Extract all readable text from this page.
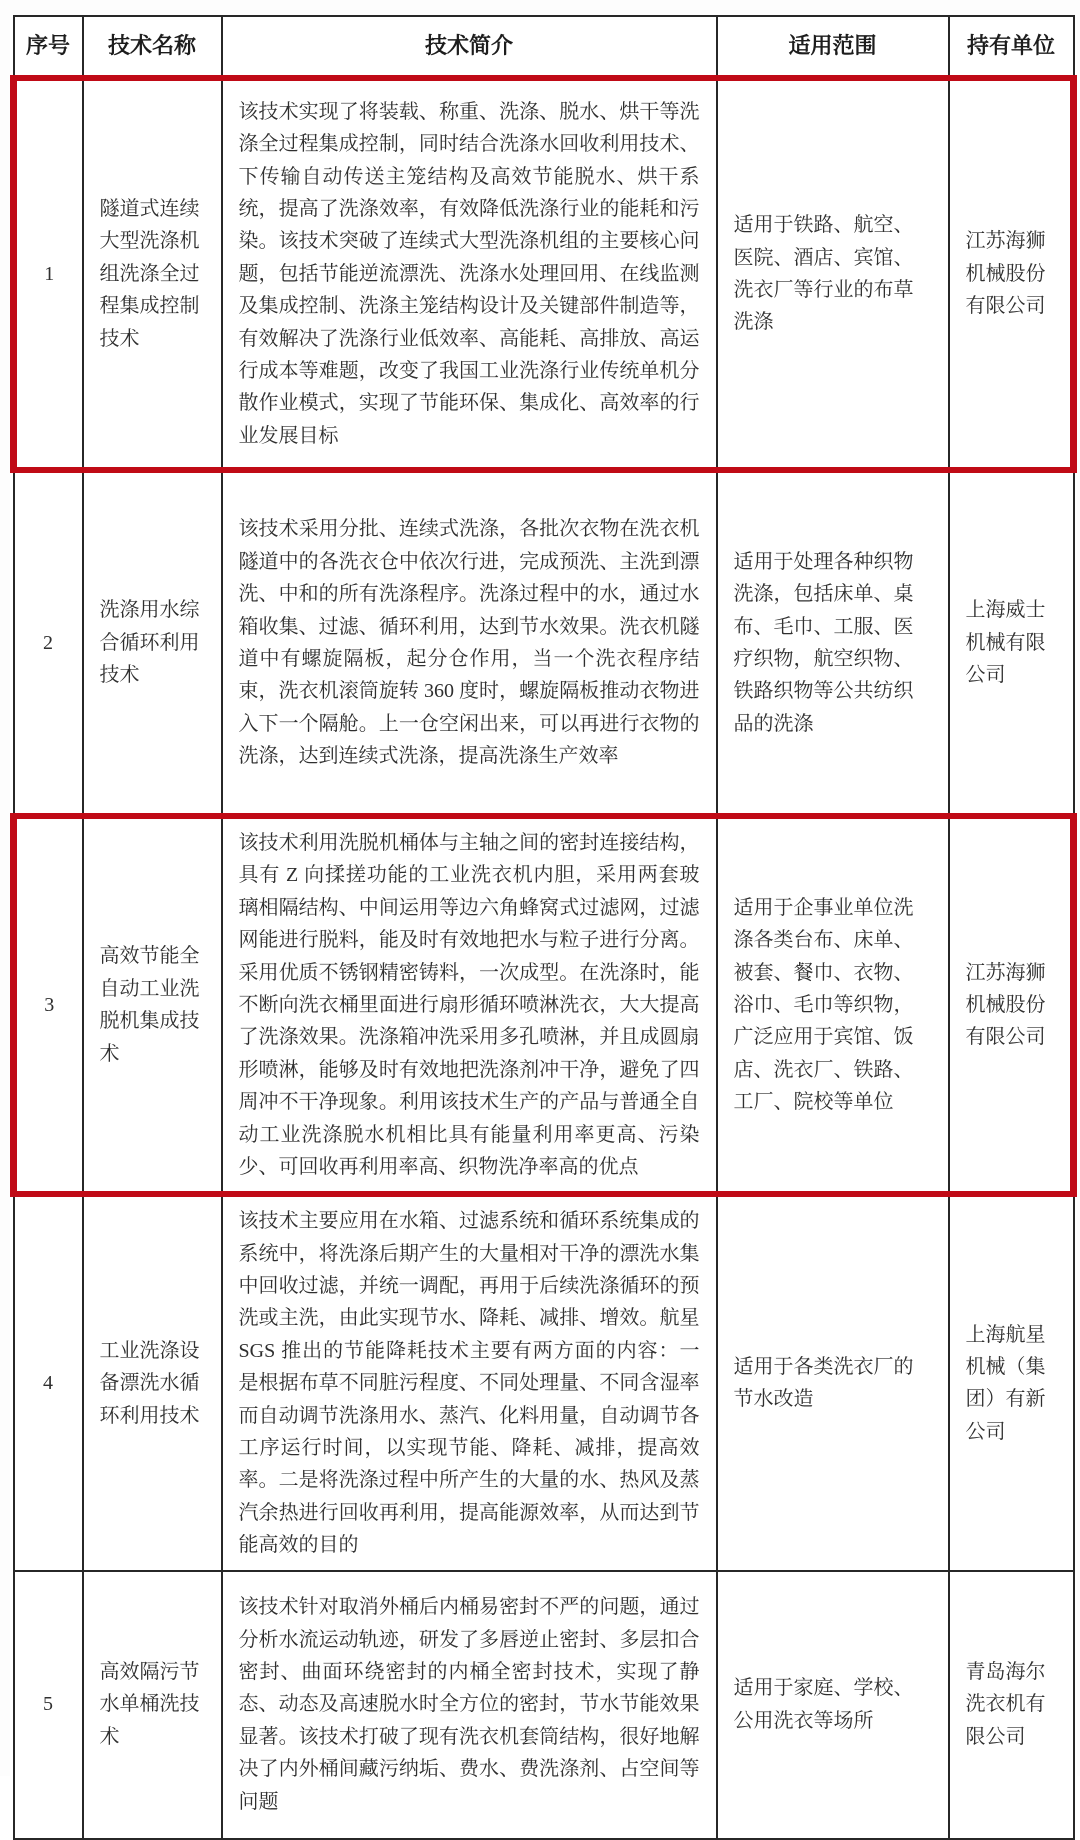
序号	技术名称	技术简介	适用范围	持有单位
1	隧道式连续大型洗涤机组洗涤全过程集成控制技术	该技术实现了将装载、称重、洗涤、脱水、烘干等洗涤全过程集成控制，同时结合洗涤水回收利用技术、下传输自动传送主笼结构及高效节能脱水、烘干系统，提高了洗涤效率，有效降低洗涤行业的能耗和污染。该技术突破了连续式大型洗涤机组的主要核心问题，包括节能逆流漂洗、洗涤水处理回用、在线监测及集成控制、洗涤主笼结构设计及关键部件制造等，有效解决了洗涤行业低效率、高能耗、高排放、高运行成本等难题，改变了我国工业洗涤行业传统单机分散作业模式，实现了节能环保、集成化、高效率的行业发展目标	适用于铁路、航空、医院、酒店、宾馆、洗衣厂等行业的布草洗涤	江苏海狮机械股份有限公司
2	洗涤用水综合循环利用技术	该技术采用分批、连续式洗涤，各批次衣物在洗衣机隧道中的各洗衣仓中依次行进，完成预洗、主洗到漂洗、中和的所有洗涤程序。洗涤过程中的水，通过水箱收集、过滤、循环利用，达到节水效果。洗衣机隧道中有螺旋隔板，起分仓作用，当一个洗衣程序结束，洗衣机滚筒旋转 360 度时，螺旋隔板推动衣物进入下一个隔舱。上一仓空闲出来，可以再进行衣物的洗涤，达到连续式洗涤，提高洗涤生产效率	适用于处理各种织物洗涤，包括床单、桌布、毛巾、工服、医疗织物，航空织物、铁路织物等公共纺织品的洗涤	上海威士机械有限公司
3	高效节能全自动工业洗脱机集成技术	该技术利用洗脱机桶体与主轴之间的密封连接结构，具有 Z 向揉搓功能的工业洗衣机内胆，采用两套玻璃相隔结构、中间运用等边六角蜂窝式过滤网，过滤网能进行脱料，能及时有效地把水与粒子进行分离。采用优质不锈钢精密铸料，一次成型。在洗涤时，能不断向洗衣桶里面进行扇形循环喷淋洗衣，大大提高了洗涤效果。洗涤箱冲洗采用多孔喷淋，并且成圆扇形喷淋，能够及时有效地把洗涤剂冲干净，避免了四周冲不干净现象。利用该技术生产的产品与普通全自动工业洗涤脱水机相比具有能量利用率更高、污染少、可回收再利用率高、织物洗净率高的优点	适用于企事业单位洗涤各类台布、床单、被套、餐巾、衣物、浴巾、毛巾等织物，广泛应用于宾馆、饭店、洗衣厂、铁路、工厂、院校等单位	江苏海狮机械股份有限公司
4	工业洗涤设备漂洗水循环利用技术	该技术主要应用在水箱、过滤系统和循环系统集成的系统中，将洗涤后期产生的大量相对干净的漂洗水集中回收过滤，并统一调配，再用于后续洗涤循环的预洗或主洗，由此实现节水、降耗、减排、增效。航星 SGS 推出的节能降耗技术主要有两方面的内容：一是根据布草不同脏污程度、不同处理量、不同含湿率而自动调节洗涤用水、蒸汽、化料用量，自动调节各工序运行时间，以实现节能、降耗、减排，提高效率。二是将洗涤过程中所产生的大量的水、热风及蒸汽余热进行回收再利用，提高能源效率，从而达到节能高效的目的	适用于各类洗衣厂的节水改造	上海航星机械（集团）有新公司
5	高效隔污节水单桶洗技术	该技术针对取消外桶后内桶易密封不严的问题，通过分析水流运动轨迹，研发了多唇逆止密封、多层扣合密封、曲面环绕密封的内桶全密封技术，实现了静态、动态及高速脱水时全方位的密封，节水节能效果显著。该技术打破了现有洗衣机套筒结构，很好地解决了内外桶间藏污纳垢、费水、费洗涤剂、占空间等问题	适用于家庭、学校、公用洗衣等场所	青岛海尔洗衣机有限公司
